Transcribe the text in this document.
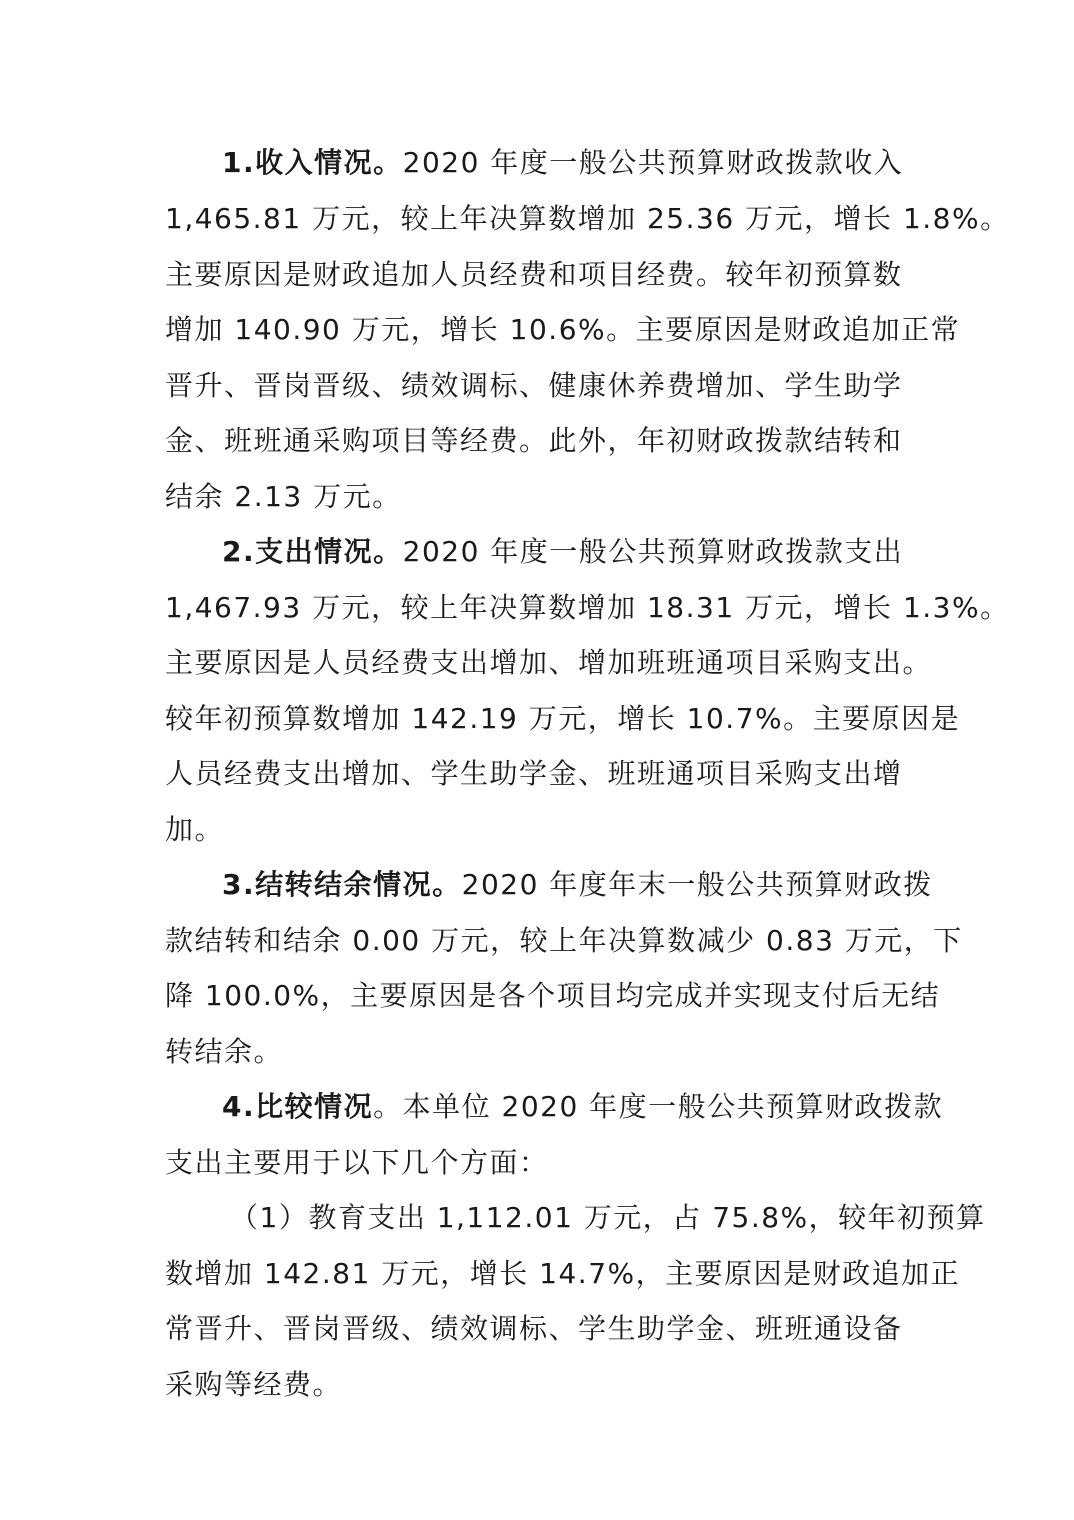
1.收入情况。2020 年度一般公共预算财政拨款收入
1,465.81 万元，较上年决算数增加 25.36 万元，增长 1.8%。
主要原因是财政追加人员经费和项目经费。较年初预算数
增加 140.90 万元，增长 10.6%。主要原因是财政追加正常
晋升、晋岗晋级、绩效调标、健康休养费增加、学生助学
金、班班通采购项目等经费。此外，年初财政拨款结转和
结余 2.13 万元。
2.支出情况。2020 年度一般公共预算财政拨款支出
1,467.93 万元，较上年决算数增加 18.31 万元，增长 1.3%。
主要原因是人员经费支出增加、增加班班通项目采购支出。
较年初预算数增加 142.19 万元，增长 10.7%。主要原因是
人员经费支出增加、学生助学金、班班通项目采购支出增
加。
3.结转结余情况。2020 年度年末一般公共预算财政拨
款结转和结余 0.00 万元，较上年决算数减少 0.83 万元，下
降 100.0%，主要原因是各个项目均完成并实现支付后无结
转结余。
4.比较情况。本单位 2020 年度一般公共预算财政拨款
支出主要用于以下几个方面：
（1）教育支出 1,112.01 万元，占 75.8%，较年初预算
数增加 142.81 万元，增长 14.7%，主要原因是财政追加正
常晋升、晋岗晋级、绩效调标、学生助学金、班班通设备
采购等经费。
